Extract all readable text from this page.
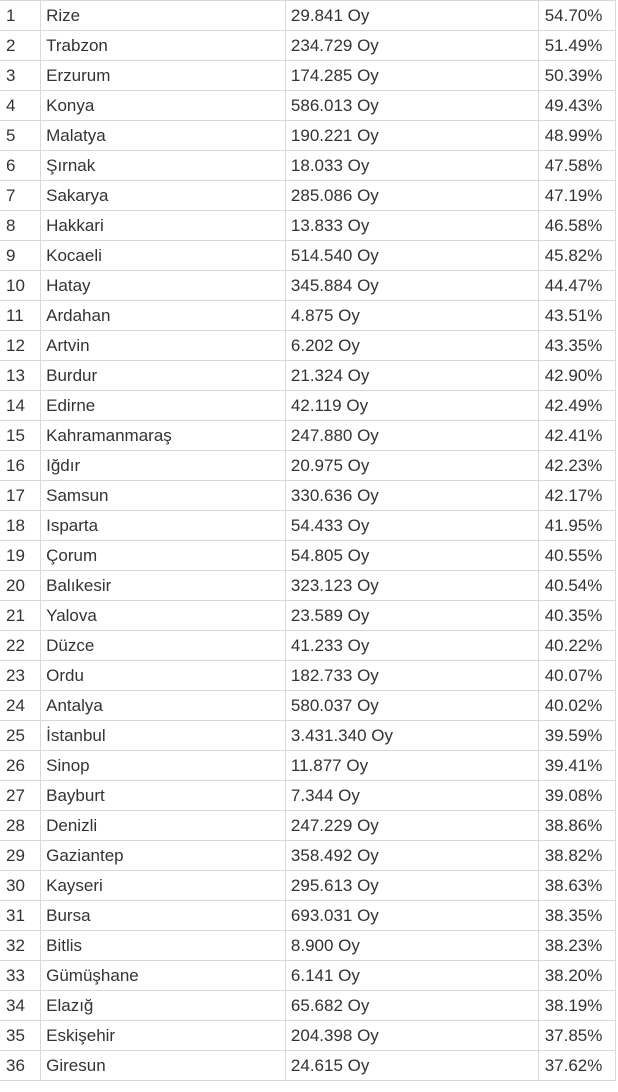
1	Rize	29.841 Oy	54.70%
2	Trabzon	234.729 Oy	51.49%
3	Erzurum	174.285 Oy	50.39%
4	Konya	586.013 Oy	49.43%
5	Malatya	190.221 Oy	48.99%
6	Şırnak	18.033 Oy	47.58%
7	Sakarya	285.086 Oy	47.19%
8	Hakkari	13.833 Oy	46.58%
9	Kocaeli	514.540 Oy	45.82%
10	Hatay	345.884 Oy	44.47%
11	Ardahan	4.875 Oy	43.51%
12	Artvin	6.202 Oy	43.35%
13	Burdur	21.324 Oy	42.90%
14	Edirne	42.119 Oy	42.49%
15	Kahramanmaraş	247.880 Oy	42.41%
16	Iğdır	20.975 Oy	42.23%
17	Samsun	330.636 Oy	42.17%
18	Isparta	54.433 Oy	41.95%
19	Çorum	54.805 Oy	40.55%
20	Balıkesir	323.123 Oy	40.54%
21	Yalova	23.589 Oy	40.35%
22	Düzce	41.233 Oy	40.22%
23	Ordu	182.733 Oy	40.07%
24	Antalya	580.037 Oy	40.02%
25	İstanbul	3.431.340 Oy	39.59%
26	Sinop	11.877 Oy	39.41%
27	Bayburt	7.344 Oy	39.08%
28	Denizli	247.229 Oy	38.86%
29	Gaziantep	358.492 Oy	38.82%
30	Kayseri	295.613 Oy	38.63%
31	Bursa	693.031 Oy	38.35%
32	Bitlis	8.900 Oy	38.23%
33	Gümüşhane	6.141 Oy	38.20%
34	Elazığ	65.682 Oy	38.19%
35	Eskişehir	204.398 Oy	37.85%
36	Giresun	24.615 Oy	37.62%
